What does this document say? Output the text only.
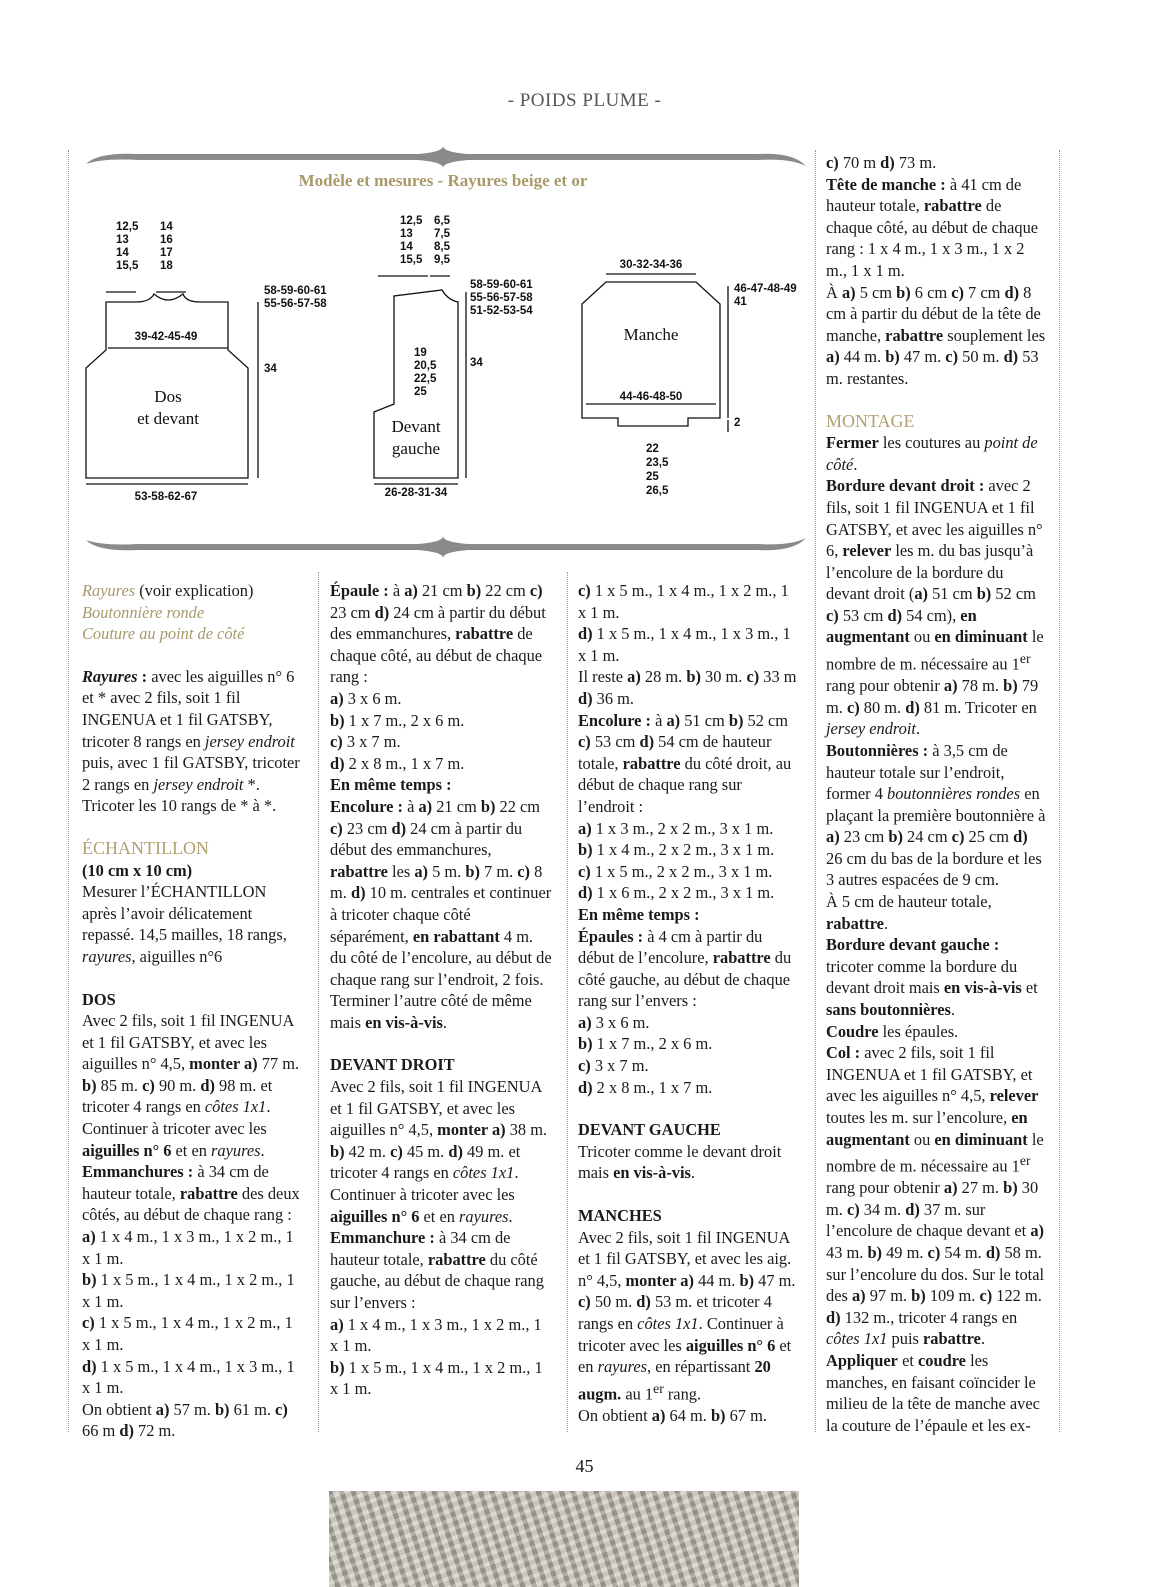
- POIDS PLUME -
Modèle et mesures - Rayures beige et or
12,5 13 14 15,5
14 16 17 18
39-42-45-49
53-58-62-67
58-59-60-61 55-56-57-58
34
Dos et devant
12,5 13 14 15,5
6,5 7,5 8,5 9,5
19 20,5 22,5 25
58-59-60-61 55-56-57-58 51-52-53-54
34
26-28-31-34
Devant gauche
30-32-34-36
44-46-48-50
22 23,5 25 26,5
46-47-48-49 41
2
Manche

Rayures (voir explication)

Boutonnière ronde

Couture au point de côté

Rayures : avec les aiguilles n° 6 et * avec 2 fils, soit 1 fil INGENUA et 1 fil GATSBY, tricoter 8 rangs en jersey endroit puis, avec 1 fil GATSBY, tricoter 2 rangs en jersey endroit *. Tricoter les 10 rangs de * à *.

ÉCHANTILLON

(10 cm x 10 cm)

Mesurer l’ÉCHANTILLON après l’avoir délicatement repassé. 14,5 mailles, 18 rangs, rayures, aiguilles n°6

DOS

Avec 2 fils, soit 1 fil INGENUA et 1 fil GATSBY, et avec les aiguilles n° 4,5, monter a) 77 m. b) 85 m. c) 90 m. d) 98 m. et tricoter 4 rangs en côtes 1x1. Continuer à tricoter avec les aiguilles n° 6 et en rayures.

Emmanchures : à 34 cm de hauteur totale, rabattre des deux côtés, au début de chaque rang :

a) 1 x 4 m., 1 x 3 m., 1 x 2 m., 1 x 1 m.

b) 1 x 5 m., 1 x 4 m., 1 x 2 m., 1 x 1 m.

c) 1 x 5 m., 1 x 4 m., 1 x 2 m., 1 x 1 m.

d) 1 x 5 m., 1 x 4 m., 1 x 3 m., 1 x 1 m.

On obtient a) 57 m. b) 61 m. c) 66 m d) 72 m.

Épaule : à a) 21 cm b) 22 cm c) 23 cm d) 24 cm à partir du début des emmanchures, rabattre de chaque côté, au début de chaque rang :

a) 3 x 6 m.

b) 1 x 7 m., 2 x 6 m.

c) 3 x 7 m.

d) 2 x 8 m., 1 x 7 m.

En même temps :

Encolure : à a) 21 cm b) 22 cm c) 23 cm d) 24 cm à partir du début des emmanchures, rabattre les a) 5 m. b) 7 m. c) 8 m. d) 10 m. centrales et continuer à tricoter chaque côté séparément, en rabattant 4 m. du côté de l’encolure, au début de chaque rang sur l’endroit, 2 fois.

Terminer l’autre côté de même mais en vis-à-vis.

DEVANT DROIT

Avec 2 fils, soit 1 fil INGENUA et 1 fil GATSBY, et avec les aiguilles n° 4,5, monter a) 38 m. b) 42 m. c) 45 m. d) 49 m. et tricoter 4 rangs en côtes 1x1. Continuer à tricoter avec les aiguilles n° 6 et en rayures.

Emmanchure : à 34 cm de hauteur totale, rabattre du côté gauche, au début de chaque rang sur l’envers :

a) 1 x 4 m., 1 x 3 m., 1 x 2 m., 1 x 1 m.

b) 1 x 5 m., 1 x 4 m., 1 x 2 m., 1 x 1 m.

c) 1 x 5 m., 1 x 4 m., 1 x 2 m., 1 x 1 m.

d) 1 x 5 m., 1 x 4 m., 1 x 3 m., 1 x 1 m.

Il reste a) 28 m. b) 30 m. c) 33 m d) 36 m.

Encolure : à a) 51 cm b) 52 cm c) 53 cm d) 54 cm de hauteur totale, rabattre du côté droit, au début de chaque rang sur l’endroit :

a) 1 x 3 m., 2 x 2 m., 3 x 1 m.

b) 1 x 4 m., 2 x 2 m., 3 x 1 m.

c) 1 x 5 m., 2 x 2 m., 3 x 1 m.

d) 1 x 6 m., 2 x 2 m., 3 x 1 m.

En même temps :

Épaules : à 4 cm à partir du début de l’encolure, rabattre du côté gauche, au début de chaque rang sur l’envers :

a) 3 x 6 m.

b) 1 x 7 m., 2 x 6 m.

c) 3 x 7 m.

d) 2 x 8 m., 1 x 7 m.

DEVANT GAUCHE

Tricoter comme le devant droit mais en vis-à-vis.

MANCHES

Avec 2 fils, soit 1 fil INGENUA et 1 fil GATSBY, et avec les aig. n° 4,5, monter a) 44 m. b) 47 m. c) 50 m. d) 53 m. et tricoter 4 rangs en côtes 1x1. Continuer à tricoter avec les aiguilles n° 6 et en rayures, en répartissant 20 augm. au 1er rang.

On obtient a) 64 m. b) 67 m.

c) 70 m d) 73 m.

Tête de manche : à 41 cm de hauteur totale, rabattre de chaque côté, au début de chaque rang : 1 x 4 m., 1 x 3 m., 1 x 2 m., 1 x 1 m.

À a) 5 cm b) 6 cm c) 7 cm d) 8 cm à partir du début de la tête de manche, rabattre souplement les a) 44 m. b) 47 m. c) 50 m. d) 53 m. restantes.

MONTAGE

Fermer les coutures au point de côté.

Bordure devant droit : avec 2 fils, soit 1 fil INGENUA et 1 fil GATSBY, et avec les aiguilles n° 6, relever les m. du bas jusqu’à l’encolure de la bordure du devant droit (a) 51 cm b) 52 cm c) 53 cm d) 54 cm), en augmentant ou en diminuant le nombre de m. nécessaire au 1er rang pour obtenir a) 78 m. b) 79 m. c) 80 m. d) 81 m. Tricoter en jersey endroit.

Boutonnières : à 3,5 cm de hauteur totale sur l’endroit, former 4 boutonnières rondes en plaçant la première boutonnière à a) 23 cm b) 24 cm c) 25 cm d) 26 cm du bas de la bordure et les 3 autres espacées de 9 cm.

À 5 cm de hauteur totale, rabattre.

Bordure devant gauche : tricoter comme la bordure du devant droit mais en vis-à-vis et sans boutonnières.

Coudre les épaules.

Col : avec 2 fils, soit 1 fil INGENUA et 1 fil GATSBY, et avec les aiguilles n° 4,5, relever toutes les m. sur l’encolure, en augmentant ou en diminuant le nombre de m. nécessaire au 1er rang pour obtenir a) 27 m. b) 30 m. c) 34 m. d) 37 m. sur l’encolure de chaque devant et a) 43 m. b) 49 m. c) 54 m. d) 58 m. sur l’encolure du dos. Sur le total des a) 97 m. b) 109 m. c) 122 m. d) 132 m., tricoter 4 rangs en côtes 1x1 puis rabattre.

Appliquer et coudre les manches, en faisant coïncider le milieu de la tête de manche avec la couture de l’épaule et les ex-

45
